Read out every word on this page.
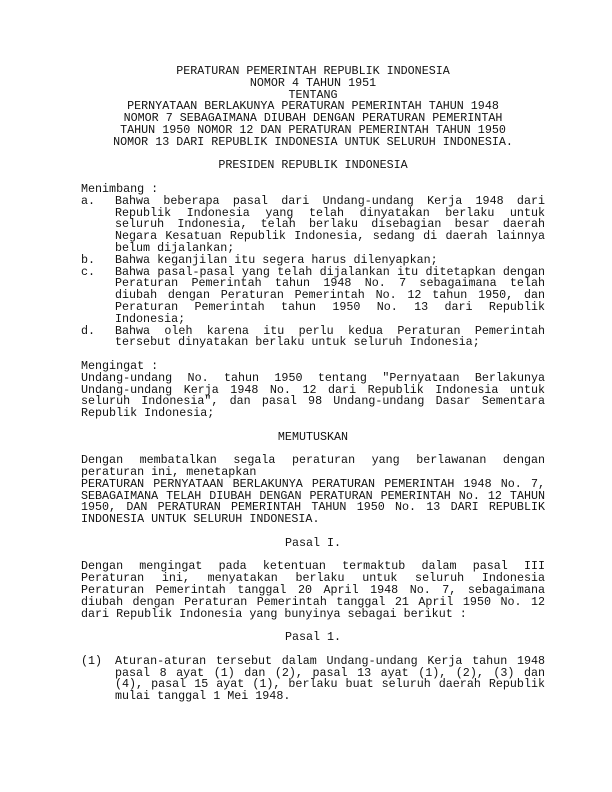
PERATURAN PEMERINTAH REPUBLIK INDONESIA
NOMOR 4 TAHUN 1951
TENTANG
PERNYATAAN BERLAKUNYA PERATURAN PEMERINTAH TAHUN 1948
NOMOR 7 SEBAGAIMANA DIUBAH DENGAN PERATURAN PEMERINTAH
TAHUN 1950 NOMOR 12 DAN PERATURAN PEMERINTAH TAHUN 1950
NOMOR 13 DARI REPUBLIK INDONESIA UNTUK SELURUH INDONESIA.
PRESIDEN REPUBLIK INDONESIA
Menimbang :
a.	Bahwa beberapa pasal dari Undang-undang Kerja 1948 dari
Republik Indonesia yang telah dinyatakan berlaku untuk
seluruh Indonesia, telah berlaku disebagian besar daerah
Negara Kesatuan Republik Indonesia, sedang di daerah lainnya
belum dijalankan;
b.	Bahwa keganjilan itu segera harus dilenyapkan;
c.	Bahwa pasal-pasal yang telah dijalankan itu ditetapkan dengan
Peraturan Pemerintah tahun 1948 No. 7 sebagaimana telah
diubah dengan Peraturan Pemerintah No. 12 tahun 1950, dan
Peraturan Pemerintah tahun 1950 No. 13 dari Republik
Indonesia;
d.	Bahwa oleh karena itu perlu kedua Peraturan Pemerintah
tersebut dinyatakan berlaku untuk seluruh Indonesia;
Mengingat :
Undang-undang No. tahun 1950 tentang "Pernyataan Berlakunya
Undang-undang Kerja 1948 No. 12 dari Republik Indonesia untuk
seluruh Indonesia", dan pasal 98 Undang-undang Dasar Sementara
Republik Indonesia;
MEMUTUSKAN
Dengan membatalkan segala peraturan yang berlawanan dengan
peraturan ini, menetapkan
PERATURAN PERNYATAAN BERLAKUNYA PERATURAN PEMERINTAH 1948 No. 7,
SEBAGAIMANA TELAH DIUBAH DENGAN PERATURAN PEMERINTAH No. 12 TAHUN
1950, DAN PERATURAN PEMERINTAH TAHUN 1950 No. 13 DARI REPUBLIK
INDONESIA UNTUK SELURUH INDONESIA.
Pasal I.
Dengan mengingat pada ketentuan termaktub dalam pasal III
Peraturan ini, menyatakan berlaku untuk seluruh Indonesia
Peraturan Pemerintah tanggal 20 April 1948 No. 7, sebagaimana
diubah dengan Peraturan Pemerintah tanggal 21 April 1950 No. 12
dari Republik Indonesia yang bunyinya sebagai berikut :
Pasal 1.
(1)	Aturan-aturan tersebut dalam Undang-undang Kerja tahun 1948
pasal 8 ayat (1) dan (2), pasal 13 ayat (1), (2), (3) dan
(4), pasal 15 ayat (1), berlaku buat seluruh daerah Republik
mulai tanggal 1 Mei 1948.
